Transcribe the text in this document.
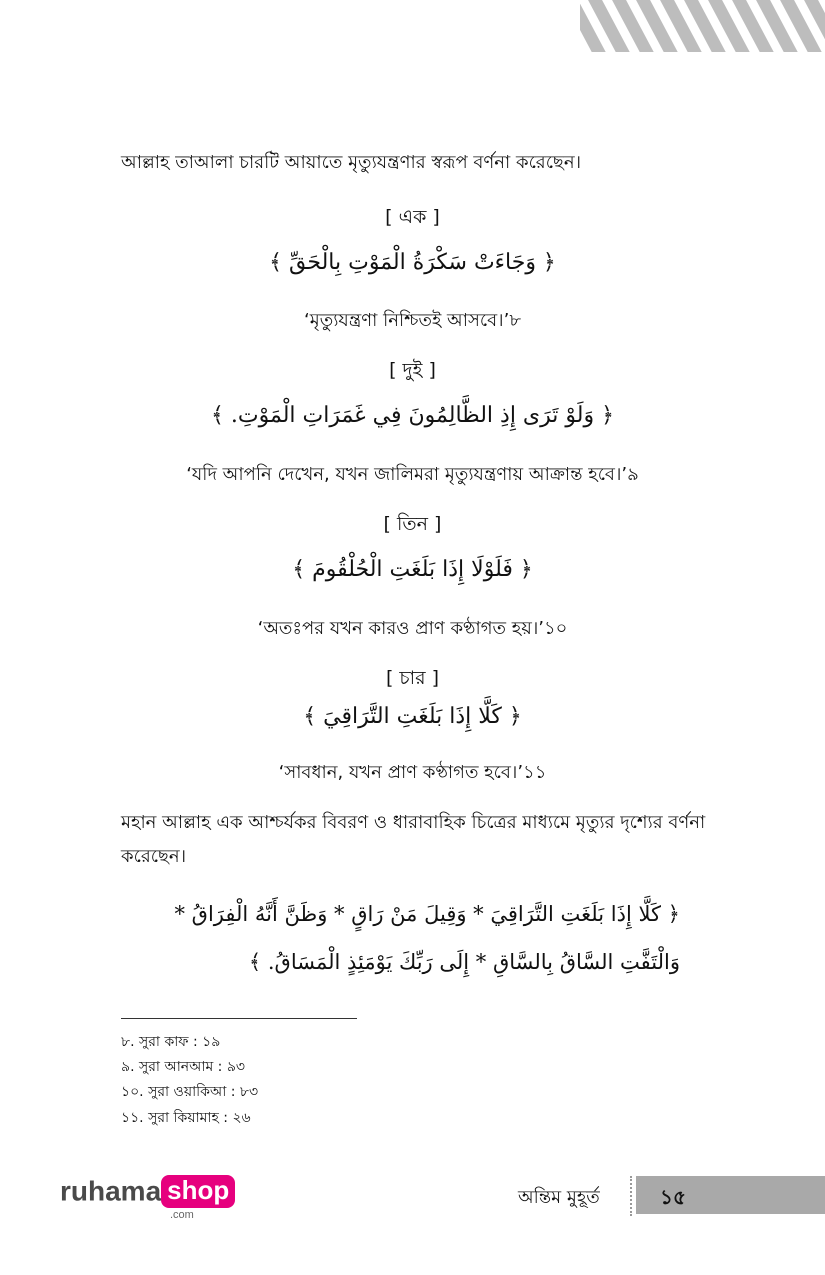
আল্লাহ তাআলা চারটি আয়াতে মৃত্যুযন্ত্রণার স্বরূপ বর্ণনা করেছেন।
[ এক ]
﴿ وَجَاءَتْ سَكْرَةُ الْمَوْتِ بِالْحَقِّ ﴾
‘মৃত্যুযন্ত্রণা নিশ্চিতই আসবে।’৮
[ দুই ]
﴿ وَلَوْ تَرَى إِذِ الظَّالِمُونَ فِي غَمَرَاتِ الْمَوْتِ. ﴾
‘যদি আপনি দেখেন, যখন জালিমরা মৃত্যুযন্ত্রণায় আক্রান্ত হবে।’৯
[ তিন ]
﴿ فَلَوْلَا إِذَا بَلَغَتِ الْحُلْقُومَ ﴾
‘অতঃপর যখন কারও প্রাণ কণ্ঠাগত হয়।’১০
[ চার ]
﴿ كَلَّا إِذَا بَلَغَتِ التَّرَاقِيَ ﴾
‘সাবধান, যখন প্রাণ কণ্ঠাগত হবে।’১১
মহান আল্লাহ এক আশ্চর্যকর বিবরণ ও ধারাবাহিক চিত্রের মাধ্যমে মৃত্যুর দৃশ্যের বর্ণনা করেছেন।
﴿ كَلَّا إِذَا بَلَغَتِ التَّرَاقِيَ * وَقِيلَ مَنْ رَاقٍ * وَظَنَّ أَنَّهُ الْفِرَاقُ *
وَالْتَفَّتِ السَّاقُ بِالسَّاقِ * إِلَى رَبِّكَ يَوْمَئِذٍ الْمَسَاقُ. ﴾
৮. সুরা কাফ : ১৯
৯. সুরা আনআম : ৯৩
১০. সুরা ওয়াকিআ : ৮৩
১১. সুরা কিয়ামাহ : ২৬
ruhama shop
.com
অন্তিম মুহূর্ত	১৫
